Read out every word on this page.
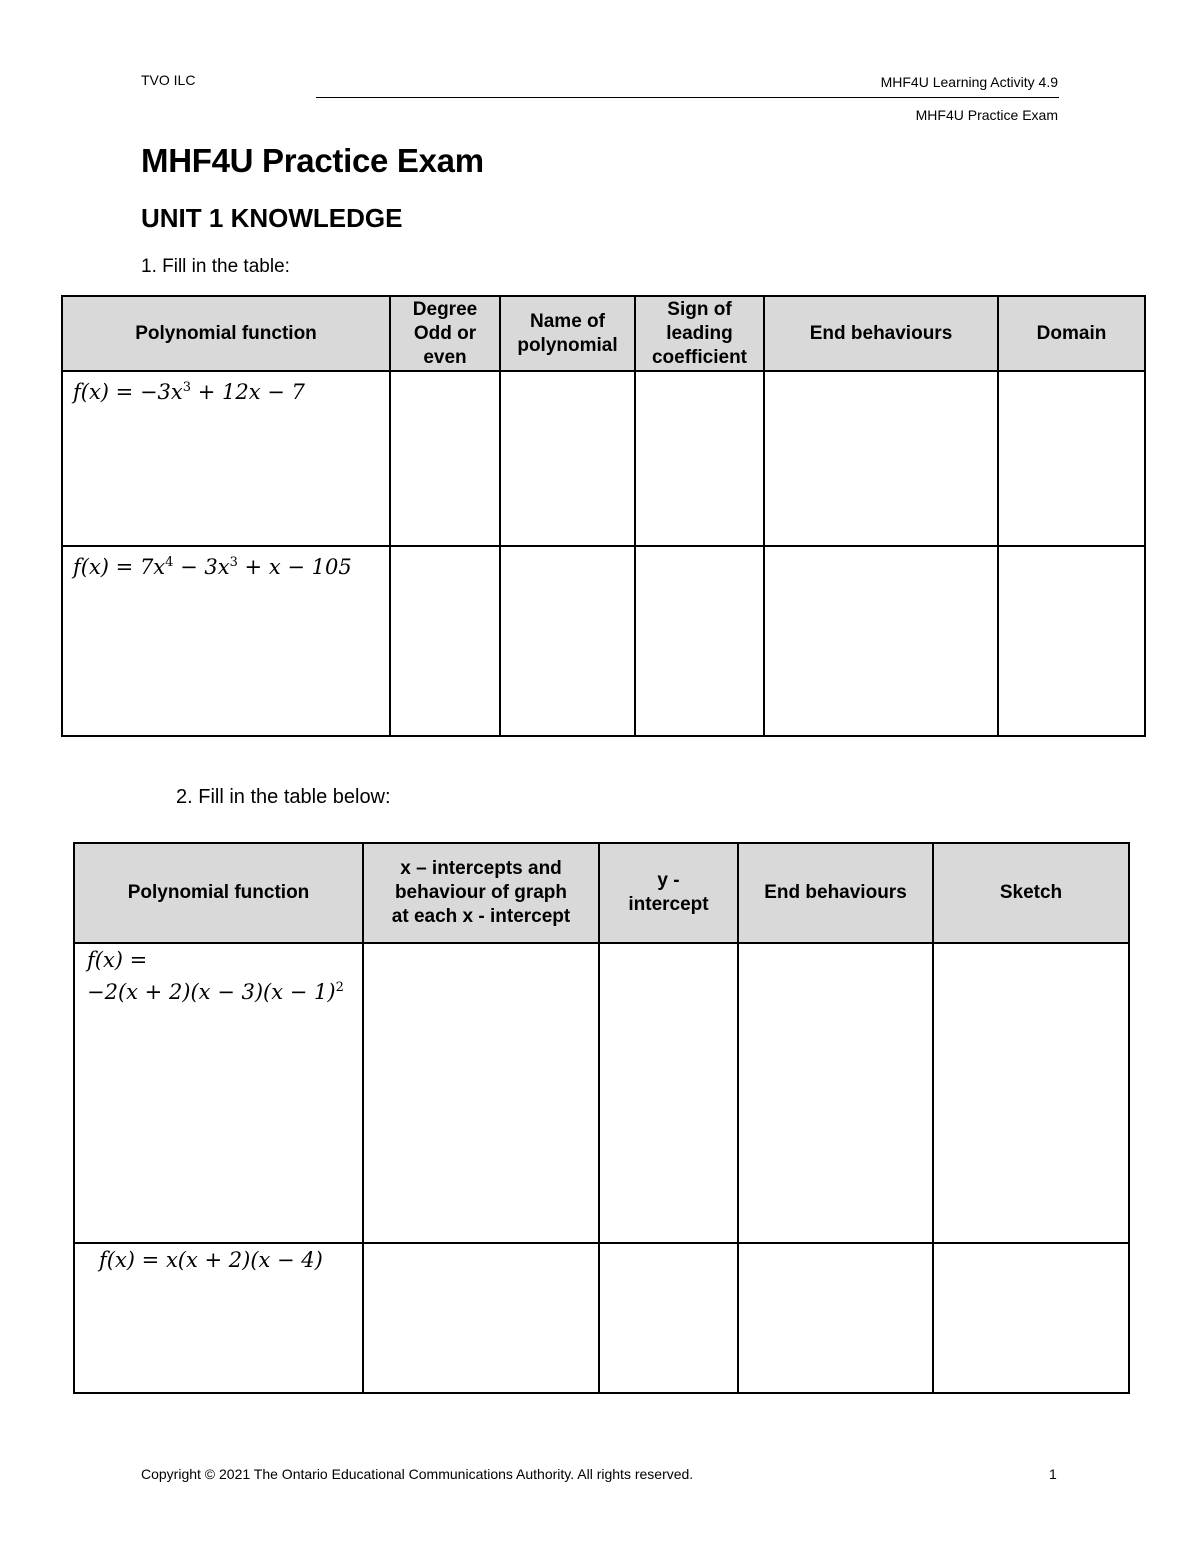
TVO ILC	MHF4U Learning Activity 4.9
MHF4U Practice Exam
MHF4U Practice Exam
UNIT 1 KNOWLEDGE
1. Fill in the table:
Polynomial function	Degree Odd or even	Name of polynomial	Sign of leading coefficient	End behaviours	Domain

$f(x) = -3x^3 + 12x - 7$					

$f(x) = 7x^4 - 3x^3 + x - 105$					

2. Fill in the table below:
Polynomial function	x – intercepts and behaviour of graph at each x - intercept	y - intercept	End behaviours	Sketch

f(x) =
$-2(x + 2)(x - 3)(x - 1)^2$

f(x) = x(x + 2)(x − 4)				

Copyright © 2021 The Ontario Educational Communications Authority. All rights reserved.	1
